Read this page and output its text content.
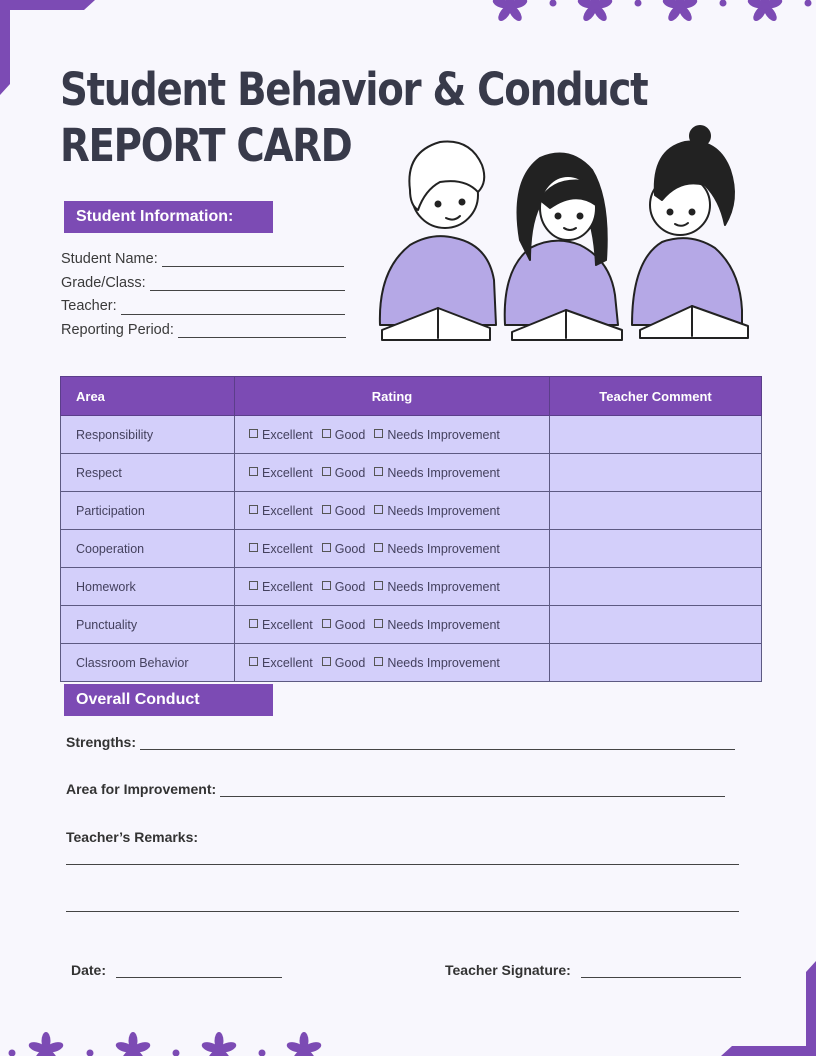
Student Behavior & Conduct
REPORT CARD
Student Information:
Student Name:
Grade/Class:
Teacher:
Reporting Period:
Area	Rating	Teacher Comment
Responsibility	Excellent Good Needs Improvement	
Respect	Excellent Good Needs Improvement	
Participation	Excellent Good Needs Improvement	
Cooperation	Excellent Good Needs Improvement	
Homework	Excellent Good Needs Improvement	
Punctuality	Excellent Good Needs Improvement	
Classroom Behavior	Excellent Good Needs Improvement	
Overall Conduct
Strengths:
Area for Improvement:
Teacher’s Remarks:
Date:	Teacher Signature:
